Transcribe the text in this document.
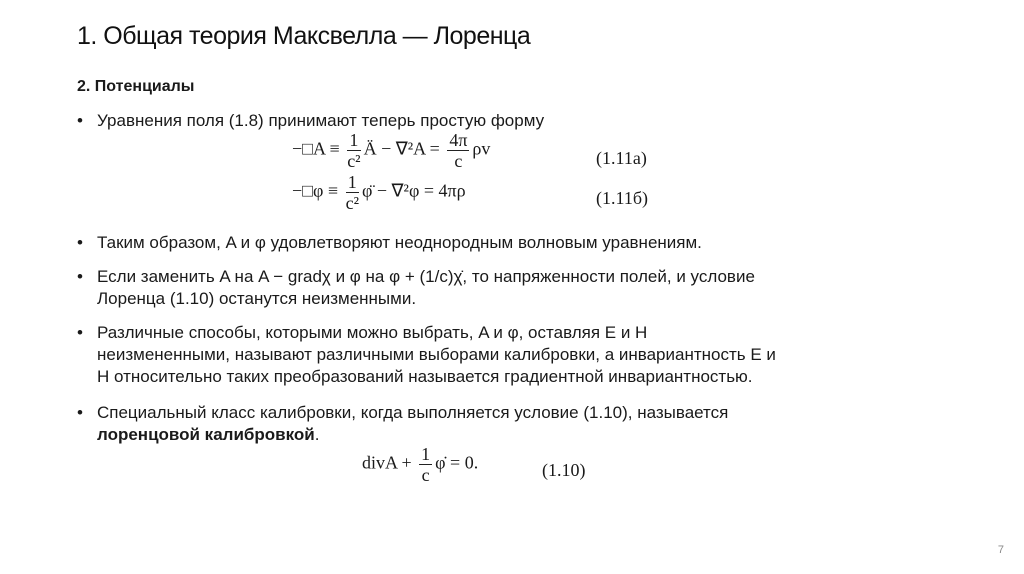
1. Общая теория Максвелла — Лоренца
2. Потенциалы
• Уравнения поля (1.8) принимают теперь простую форму
−□A ≡ $\frac{1}{\text{c²}}$ Ä − $\nabla^2A = \frac{4\pi}{c}$ ρv	(1.11a)
−□φ ≡ $\frac{1}{\text{c²}}$ φ̈ − ∇²φ = 4πρ	(1.11б)
• Таким образом, A и φ удовлетворяют неоднородным волновым уравнениям.
• Если заменить A на A − gradχ и φ на φ + (1/c)χ̇, то напряженности полей, и условие
Лоренца (1.10) останутся неизменными.
• Различные способы, которыми можно выбрать, A и φ, оставляя E и H
неизмененными, называют различными выборами калибровки, а инвариантность E и
H относительно таких преобразований называется градиентной инвариантностью.
• Специальный класс калибровки, когда выполняется условие (1.10), называется
лоренцовой калибровкой.
divA + $\frac{1}{c}$ φ̇ = 0.	(1.10)
7
